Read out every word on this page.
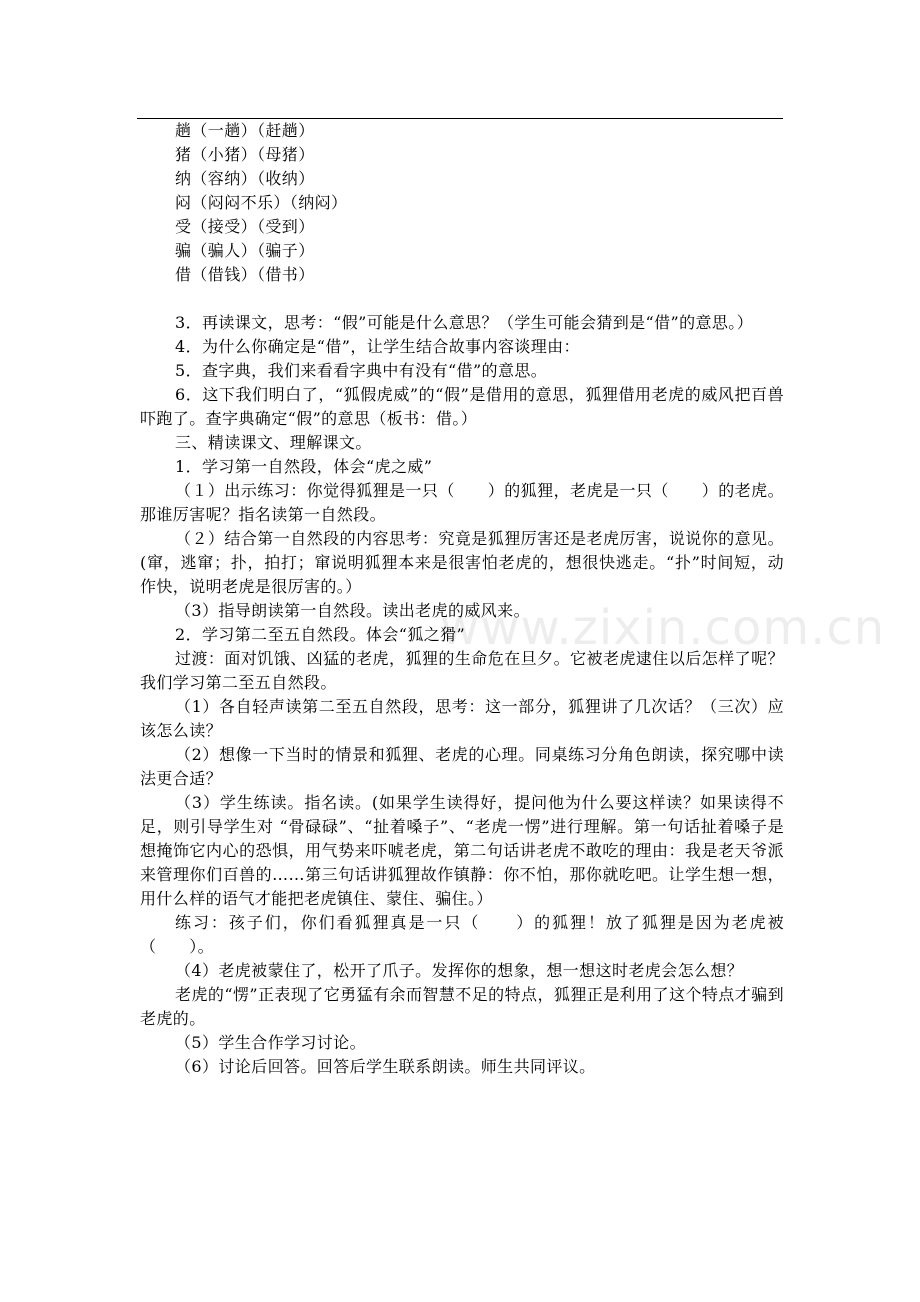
www.zixin.com.cn
趟（一趟）（赶趟）
猪（小猪）（母猪）
纳（容纳）（收纳）
闷（闷闷不乐）（纳闷）
受（接受）（受到）
骗（骗人）（骗子）
借（借钱）（借书）
3．再读课文，思考：“假”可能是什么意思？（学生可能会猜到是“借”的意思。）
4．为什么你确定是“借”，让学生结合故事内容谈理由：
5．查字典，我们来看看字典中有没有“借”的意思。
6．这下我们明白了，“狐假虎威”的“假”是借用的意思，狐狸借用老虎的威风把百兽吓跑了。查字典确定“假”的意思（板书：借。）
三、精读课文、理解课文。
1．学习第一自然段，体会“虎之威”
（１）出示练习：你觉得狐狸是一只（　　）的狐狸，老虎是一只（　　）的老虎。那谁厉害呢？指名读第一自然段。
（２）结合第一自然段的内容思考：究竟是狐狸厉害还是老虎厉害，说说你的意见。(窜，逃窜；扑，拍打；窜说明狐狸本来是很害怕老虎的，想很快逃走。“扑”时间短，动作快，说明老虎是很厉害的。）
（3）指导朗读第一自然段。读出老虎的威风来。
2．学习第二至五自然段。体会“狐之猾”
过渡：面对饥饿、凶猛的老虎，狐狸的生命危在旦夕。它被老虎逮住以后怎样了呢？我们学习第二至五自然段。
（1）各自轻声读第二至五自然段，思考：这一部分，狐狸讲了几次话？（三次）应该怎么读？
（2）想像一下当时的情景和狐狸、老虎的心理。同桌练习分角色朗读，探究哪中读法更合适？
（3）学生练读。指名读。(如果学生读得好，提问他为什么要这样读？如果读得不足，则引导学生对 “骨碌碌”、“扯着嗓子”、“老虎一愣”进行理解。第一句话扯着嗓子是想掩饰它内心的恐惧，用气势来吓唬老虎，第二句话讲老虎不敢吃的理由：我是老天爷派来管理你们百兽的……第三句话讲狐狸故作镇静：你不怕，那你就吃吧。让学生想一想，用什么样的语气才能把老虎镇住、蒙住、骗住。）
练习：孩子们，你们看狐狸真是一只（　　）的狐狸！放了狐狸是因为老虎被（　　）。
（4）老虎被蒙住了，松开了爪子。发挥你的想象，想一想这时老虎会怎么想？
老虎的“愣”正表现了它勇猛有余而智慧不足的特点，狐狸正是利用了这个特点才骗到老虎的。
（5）学生合作学习讨论。
（6）讨论后回答。回答后学生联系朗读。师生共同评议。
